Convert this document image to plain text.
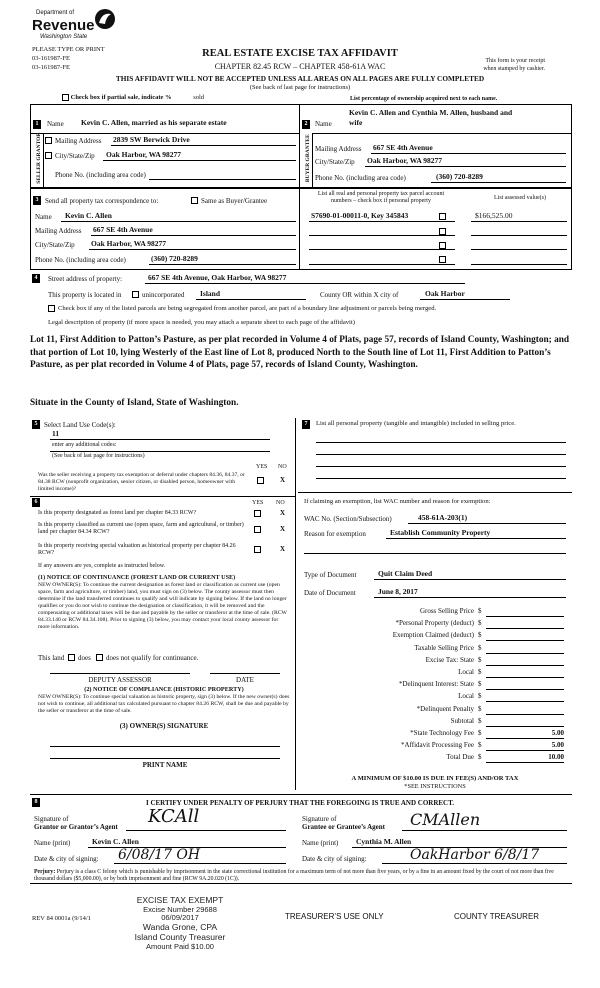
Department of
Revenue
Washington State
PLEASE TYPE OR PRINT
03-161987-FE
03-161987-FE
REAL ESTATE EXCISE TAX AFFIDAVIT
CHAPTER 82.45 RCW – CHAPTER 458-61A WAC
This form is your receipt
when stamped by cashier.
THIS AFFIDAVIT WILL NOT BE ACCEPTED UNLESS ALL AREAS ON ALL PAGES ARE FULLY COMPLETED
(See back of last page for instructions)
Check box if partial sale, indicate %	sold	List percentage of ownership acquired next to each name.
1
SELLER GRANTOR
Name Kevin C. Allen, married as his separate estate
Mailing Address 2839 SW Berwick Drive
City/State/Zip Oak Harbor, WA 98277
Phone No. (including area code)
2
BUYER GRANTEE
Name
Kevin C. Allen and Cynthia M. Allen, husband and
wife
Mailing Address 667 SE 4th Avenue
City/State/Zip Oak Harbor, WA 98277
Phone No. (including area code)	(360) 720-8289
3 Send all property tax correspondence to:	Same as Buyer/Grantee
Name Kevin C. Allen
Mailing Address 667 SE 4th Avenue
City/State/Zip Oak Harbor, WA 98277
Phone No. (including area code)	(360) 720-8289
List all real and personal property tax parcel account
numbers – check box if personal property	List assessed value(s)
S7690-01-00011-0, Key 345843	$166,525.00
4	Street address of property:	667 SE 4th Avenue, Oak Harbor, WA 98277
This property is located in	unincorporated Island	County OR within X city of	Oak Harbor
Check box if any of the listed parcels are being segregated from another parcel, are part of a boundary line adjustment or parcels being merged.
Legal description of property (if more space is needed, you may attach a separate sheet to each page of the affidavit)
Lot 11, First Addition to Patton’s Pasture, as per plat recorded in Volume 4 of Plats, page 57, records of Island County, Washington; and that portion of Lot 10, lying Westerly of the East line of Lot 8, produced North to the South line of Lot 11, First Addition to Patton’s Pasture, as per plat recorded in Volume 4 of Plats, page 57, records of Island County, Washington.
Situate in the County of Island, State of Washington.
5 Select Land Use Code(s):
11
enter any additional codes:
(See back of last page for instructions)
YES NO
Was the seller receiving a property tax exemption or deferral under chapters 84.36, 84.37, or 84.38 RCW (nonprofit organization, senior citizen, or disabled person, homeowner with limited income)?
X
6	YES NO
Is this property designated as forest land per chapter 84.33 RCW?	X
Is this property classified as current use (open space, farm and agricultural, or timber) land per chapter 84.34 RCW?	X
Is this property receiving special valuation as historical property per chapter 84.26 RCW?
X
If any answers are yes, complete as instructed below.
(1) NOTICE OF CONTINUANCE (FOREST LAND OR CURRENT USE)
NEW OWNER(S): To continue the current designation as forest land or classification as current use (open space, farm and agriculture, or timber) land, you must sign on (3) below. The county assessor must then determine if the land transferred continues to qualify and will indicate by signing below. If the land no longer qualifies or you do not wish to continue the designation or classification, it will be removed and the compensating or additional taxes will be due and payable by the seller or transferor at the time of sale. (RCW 84.33.140 or RCW 84.34.108). Prior to signing (3) below, you may contact your local county assessor for more information.
This land does does not qualify for continuance.
DEPUTY ASSESSOR	DATE
(2) NOTICE OF COMPLIANCE (HISTORIC PROPERTY)
NEW OWNER(S): To continue special valuation as historic property, sign (3) below. If the new owner(s) does not wish to continue, all additional tax calculated pursuant to chapter 84.26 RCW, shall be due and payable by the seller or transferor at the time of sale.
(3) OWNER(S) SIGNATURE
PRINT NAME
7	List all personal property (tangible and intangible) included in selling price.
If claiming an exemption, list WAC number and reason for exemption:
WAC No. (Section/Subsection)	458-61A-203(1)
Reason for exemption	Establish Community Property
Type of Document	Quit Claim Deed
Date of Document	June 8, 2017
Gross Selling Price $
*Personal Property (deduct) $
Exemption Claimed (deduct) $
Taxable Selling Price $
Excise Tax: State $
Local $
*Delinquent Interest: State $
Local $
*Delinquent Penalty $
Subtotal $
*State Technology Fee $	5.00
*Affidavit Processing Fee $	5.00
Total Due $	10.00
A MINIMUM OF $10.00 IS DUE IN FEE(S) AND/OR TAX
*SEE INSTRUCTIONS
8	I CERTIFY UNDER PENALTY OF PERJURY THAT THE FOREGOING IS TRUE AND CORRECT.
Signature of
Grantor or Grantor’s Agent KCAll	Signature of
Grantee or Grantee’s Agent CMAllen
Name (print)	Kevin C. Allen	Name (print) Cynthia M. Allen
Date & city of signing: 6/08/17 OH	Date & city of signing:	OakHarbor 6/8/17
Perjury: Perjury is a class C felony which is punishable by imprisonment in the state correctional institution for a maximum term of not more than five years, or by a fine in an amount fixed by the court of not more than five thousand dollars ($5,000.00), or by both imprisonment and fine (RCW 9A.20.020 (1C)).
EXCISE TAX EXEMPT
Excise Number 29688
06/09/2017
Wanda Grone, CPA
Island County Treasurer
Amount Paid $10.00
REV 84 0001a (9/14/1	TREASURER’S USE ONLY	COUNTY TREASURER
